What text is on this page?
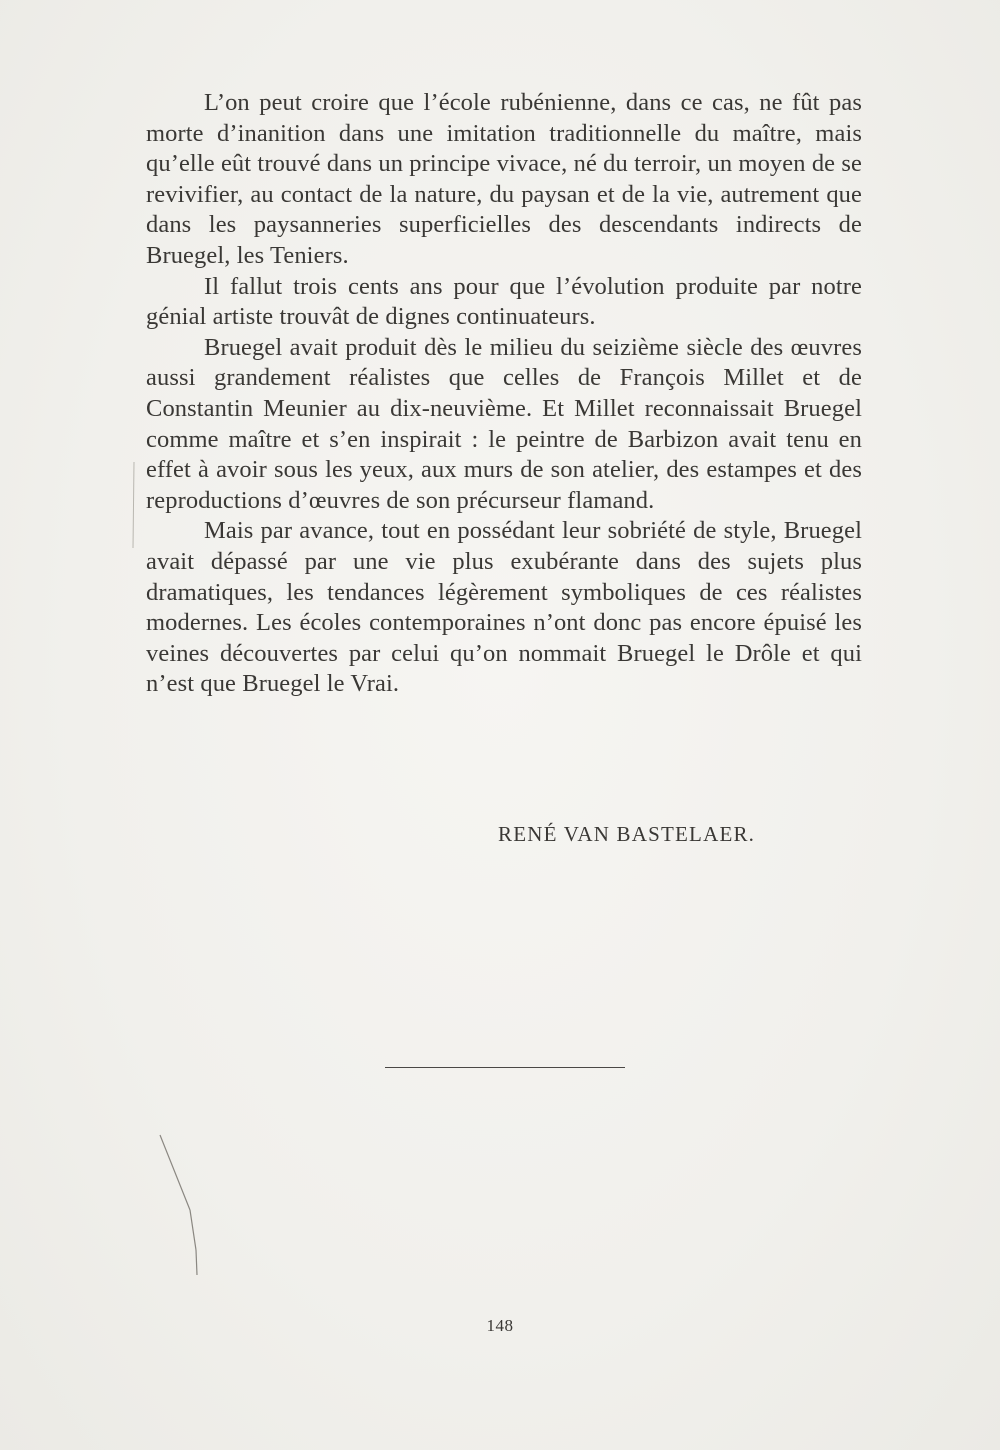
L’on peut croire que l’école rubénienne, dans ce cas, ne fût pas morte d’inanition dans une imitation traditionnelle du maître, mais qu’elle eût trouvé dans un principe vivace, né du terroir, un moyen de se revivifier, au contact de la nature, du paysan et de la vie, autrement que dans les paysanneries superficielles des descendants indirects de Bruegel, les Teniers.

Il fallut trois cents ans pour que l’évolution produite par notre génial artiste trouvât de dignes continuateurs.

Bruegel avait produit dès le milieu du seizième siècle des œuvres aussi grandement réalistes que celles de François Millet et de Constantin Meunier au dix-neuvième. Et Millet reconnaissait Bruegel comme maître et s’en inspirait : le peintre de Barbizon avait tenu en effet à avoir sous les yeux, aux murs de son atelier, des estampes et des reproductions d’œuvres de son précurseur flamand.

Mais par avance, tout en possédant leur sobriété de style, Bruegel avait dépassé par une vie plus exubérante dans des sujets plus dramatiques, les tendances légèrement symboliques de ces réalistes modernes. Les écoles contemporaines n’ont donc pas encore épuisé les veines découvertes par celui qu’on nommait Bruegel le Drôle et qui n’est que Bruegel le Vrai.

RENÉ VAN BASTELAER.
148
